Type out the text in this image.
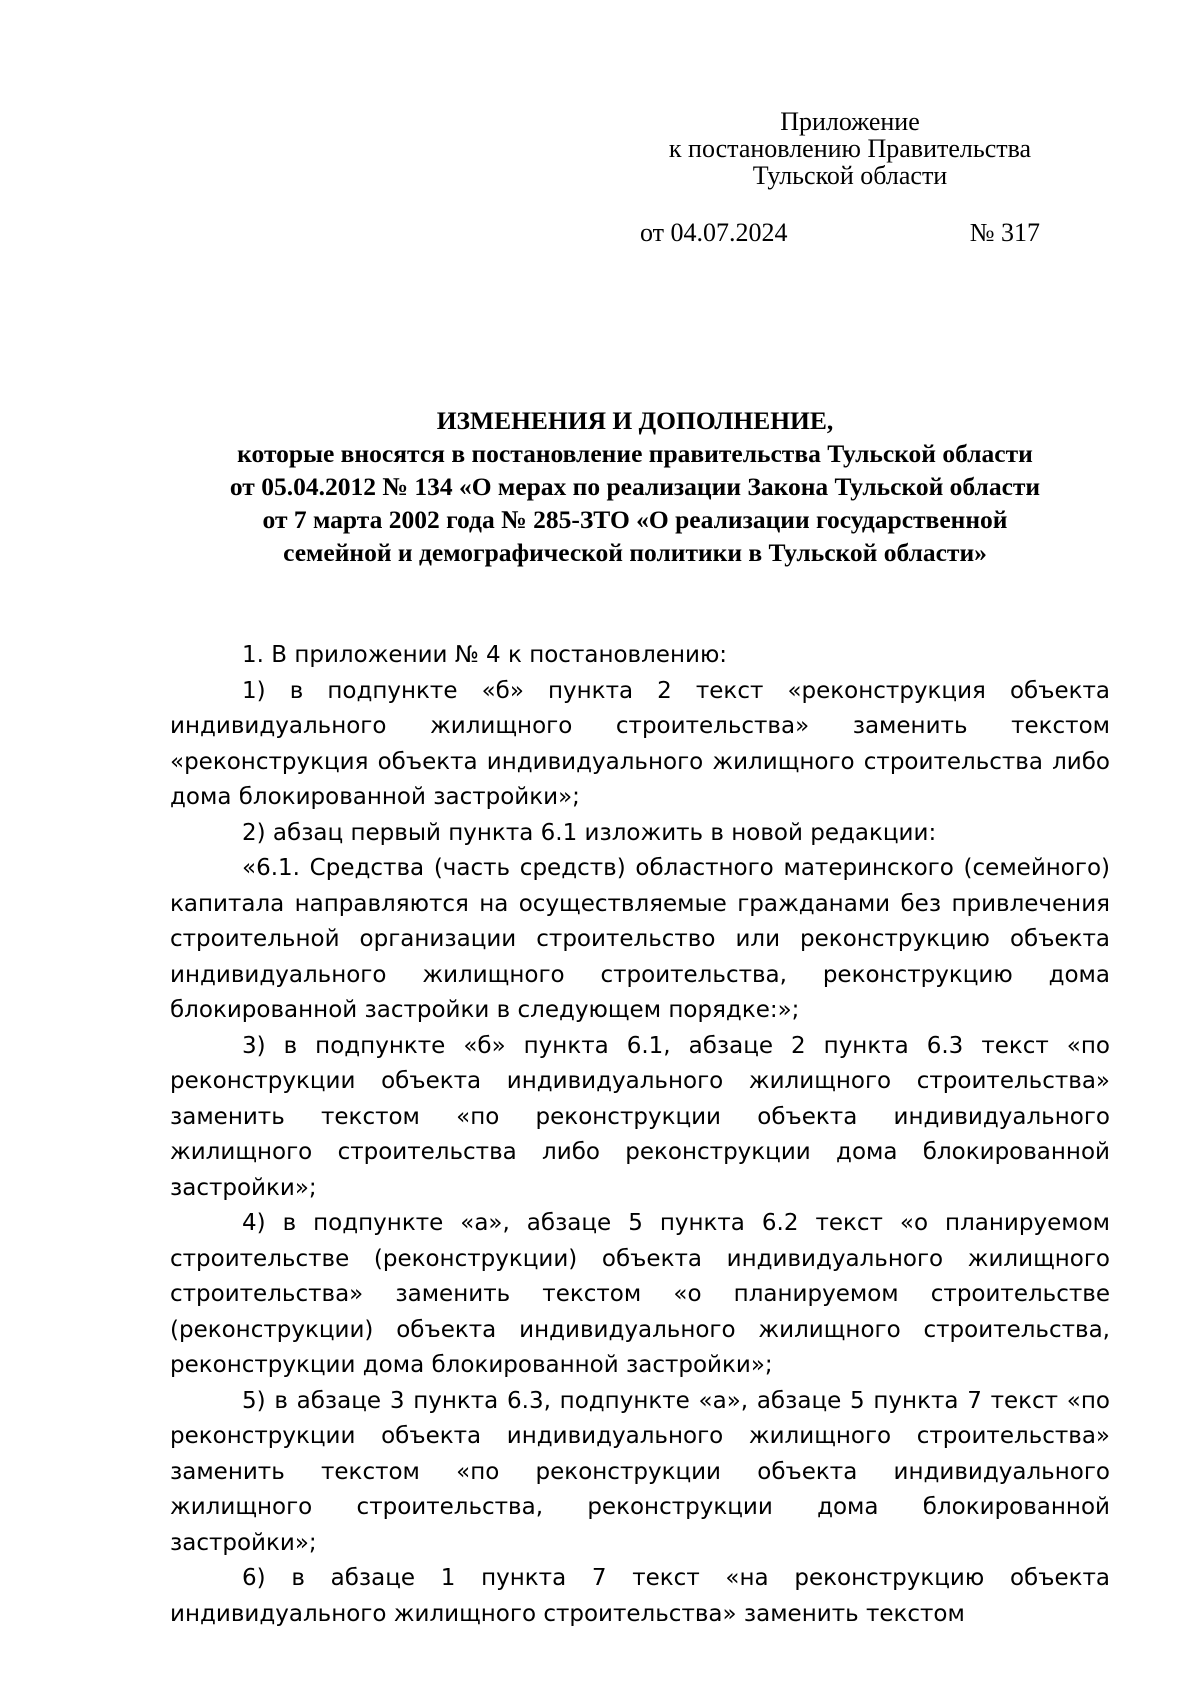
Приложение
к постановлению Правительства
Тульской области
от 04.07.2024	№ 317
ИЗМЕНЕНИЯ И ДОПОЛНЕНИЕ,
которые вносятся в постановление правительства Тульской области
от 05.04.2012 № 134 «О мерах по реализации Закона Тульской области
от 7 марта 2002 года № 285-ЗТО «О реализации государственной
семейной и демографической политики в Тульской области»

1. В приложении № 4 к постановлению:

1) в подпункте «б» пункта 2 текст «реконструкция объекта индивидуального жилищного строительства» заменить текстом «реконструкция объекта индивидуального жилищного строительства либо дома блокированной застройки»;

2) абзац первый пункта 6.1 изложить в новой редакции:

«6.1. Средства (часть средств) областного материнского (семейного) капитала направляются на осуществляемые гражданами без привлечения строительной организации строительство или реконструкцию объекта индивидуального жилищного строительства, реконструкцию дома блокированной застройки в следующем порядке:»;

3) в подпункте «б» пункта 6.1, абзаце 2 пункта 6.3 текст «по реконструкции объекта индивидуального жилищного строительства» заменить текстом «по реконструкции объекта индивидуального жилищного строительства либо реконструкции дома блокированной застройки»;

4) в подпункте «а», абзаце 5 пункта 6.2 текст «о планируемом строительстве (реконструкции) объекта индивидуального жилищного строительства» заменить текстом «о планируемом строительстве (реконструкции) объекта индивидуального жилищного строительства, реконструкции дома блокированной застройки»;

5) в абзаце 3 пункта 6.3, подпункте «а», абзаце 5 пункта 7 текст «по реконструкции объекта индивидуального жилищного строительства» заменить текстом «по реконструкции объекта индивидуального жилищного строительства, реконструкции дома блокированной застройки»;

6) в абзаце 1 пункта 7 текст «на реконструкцию объекта индивидуального жилищного строительства» заменить текстом
